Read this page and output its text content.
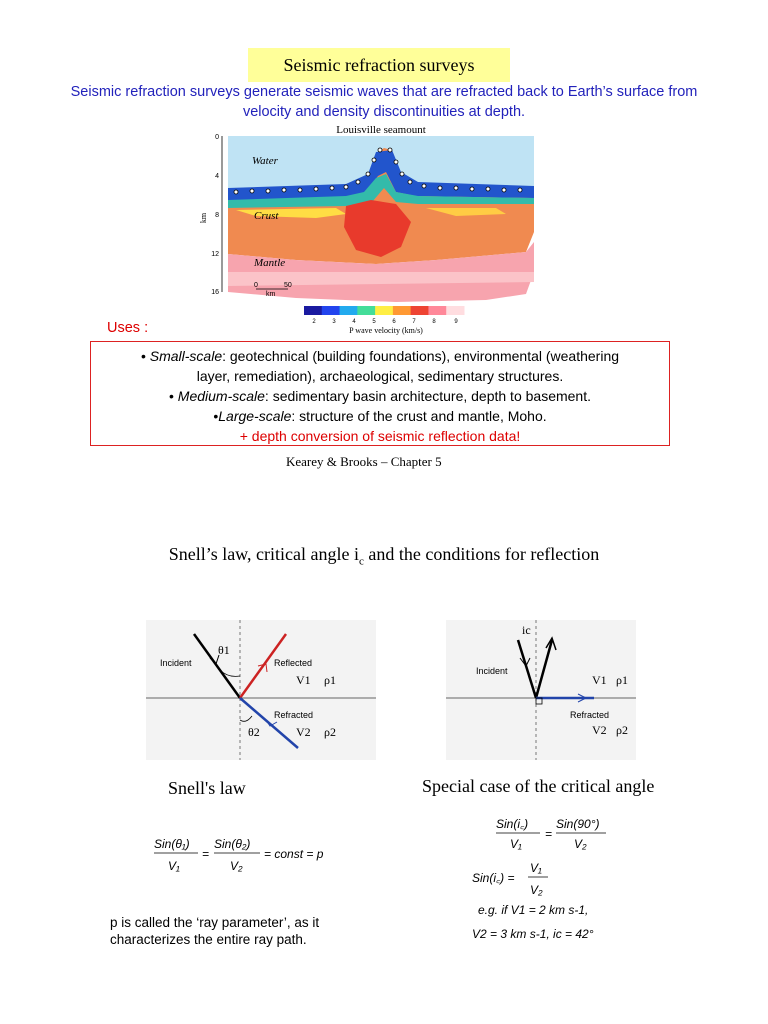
Seismic refraction surveys
Seismic refraction surveys generate seismic waves that are refracted back to Earth’s surface from velocity and density discontinuities at depth.
Louisville seamount
0
4
8
12
16
km
Water
Crust
Mantle
0	50
km
2	3	4	5	6	7	8	9
P wave velocity (km/s)
Uses :
• Small-scale: geotechnical (building foundations), environmental (weathering
layer, remediation), archaeological, sedimentary structures.
• Medium-scale: sedimentary basin architecture, depth to basement.
•Large-scale: structure of the crust and mantle, Moho.
+ depth conversion of seismic reflection data!
Kearey & Brooks – Chapter 5
Snell’s law, critical angle $i_c$ and the conditions for reflection
Incident	Reflected
Refracted
θ1
θ2
V1 ρ1
V2 ρ2
Incident
Refracted
ic
V1 ρ1
V2 ρ2
Snell's law	Special case of the critical angle
Sin(θ₁)
V₁
=
Sin(θ₂)
V₂
= const = p
Sin(i꜀)
V₁
=
Sin(90°)
V₂
Sin(i꜀) =
V₁
V₂
e.g. if V1 = 2 km s-1,
V2 = 3 km s-1, ic = 42°
p is called the ‘ray parameter’, as it characterizes the entire ray path.
